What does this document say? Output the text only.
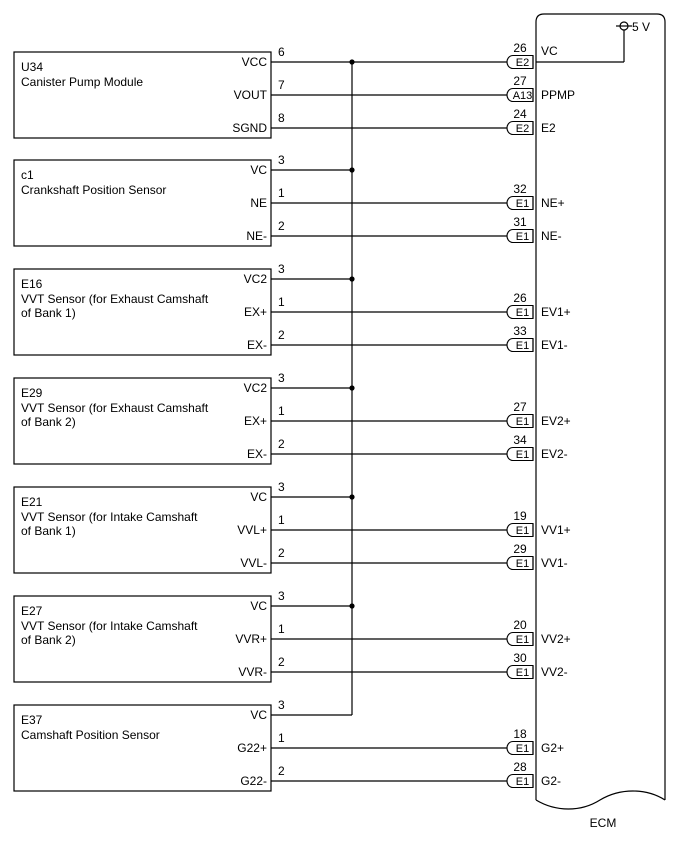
ECM
5 V
E2
26 VC
A13
27
PPMP
E2
24
E2
E1
32
NE+
E1
31
NE-
E1
26
EV1+
E1
33
EV1-
E1
27
EV2+
E1
34
EV2-
E1
19
VV1+
E1
29
VV1-
E1
20
VV2+
E1
30
VV2-
E1
18
G2+
E1
28
G2-
U34
Canister Pump Module
VCC
6
VOUT
7
SGND
8
c1
Crankshaft Position Sensor
VC
3
NE
1
NE-
2
E16
VVT Sensor (for Exhaust Camshaft
of Bank 1)
VC2
3
EX+
1
EX-
2
E29
VVT Sensor (for Exhaust Camshaft
of Bank 2)
VC2
3
EX+
1
EX-
2
E21
VVT Sensor (for Intake Camshaft
of Bank 1)
VC
3
VVL+
1
VVL-
2
E27
VVT Sensor (for Intake Camshaft
of Bank 2)
VC
3
VVR+
1
VVR-
2
E37
Camshaft Position Sensor
VC
3
G22+
1
G22-
2
